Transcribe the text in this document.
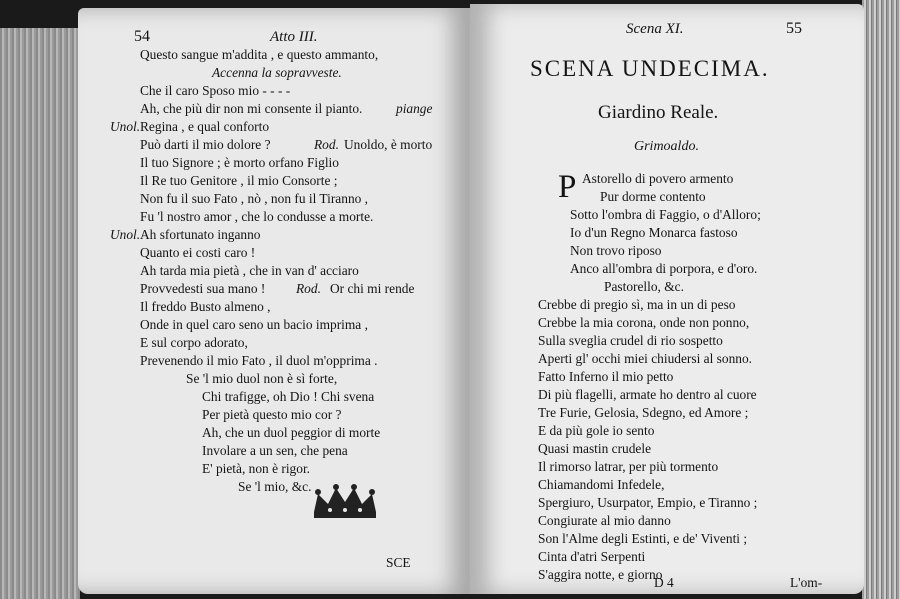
54	Atto III.
Questo sangue m'addita , e questo ammanto,
Accenna la sopravveste.
Che il caro Sposo mio - - - -
Ah, che più dir non mi consente il pianto.	piange
Unol. Regina , e qual conforto
Può darti il mio dolore ?	Rod. Unoldo, è morto
Il tuo Signore ; è morto orfano Figlio
Il Re tuo Genitore , il mio Consorte ;
Non fu il suo Fato , nò , non fu il Tiranno ,
Fu 'l nostro amor , che lo condusse a morte.
Unol. Ah sfortunato inganno
Quanto ei costi caro !
Ah tarda mia pietà , che in van d' acciaro
Provvedesti sua mano ! Rod. Or chi mi rende
Il freddo Busto almeno ,
Onde in quel caro seno un bacio imprima ,
E sul corpo adorato,
Prevenendo il mio Fato , il duol m'opprima .
Se 'l mio duol non è sì forte,
Chi trafigge, oh Dio ! Chi svena
Per pietà questo mio cor ?
Ah, che un duol peggior di morte
Involare a un sen, che pena
E' pietà, non è rigor.
Se 'l mio, &c.
SCE
Scena XI.	55
SCENA UNDECIMA.
Giardino Reale.
Grimoaldo.
P Astorello di povero armento
Pur dorme contento
Sotto l'ombra di Faggio, o d'Alloro;
Io d'un Regno Monarca fastoso
Non trovo riposo
Anco all'ombra di porpora, e d'oro.
Pastorello, &c.
Crebbe di pregio sì, ma in un di peso
Crebbe la mia corona, onde non ponno,
Sulla sveglia crudel di rio sospetto
Aperti gl' occhi miei chiudersi al sonno.
Fatto Inferno il mio petto
Di più flagelli, armate ho dentro al cuore
Tre Furie, Gelosia, Sdegno, ed Amore ;
E da più gole io sento
Quasi mastin crudele
Il rimorso latrar, per più tormento
Chiamandomi Infedele,
Spergiuro, Usurpator, Empio, e Tiranno ;
Congiurate al mio danno
Son l'Alme degli Estinti, e de' Viventi ;
Cinta d'atri Serpenti
S'aggira notte, e giorno
D 4	L'om-
